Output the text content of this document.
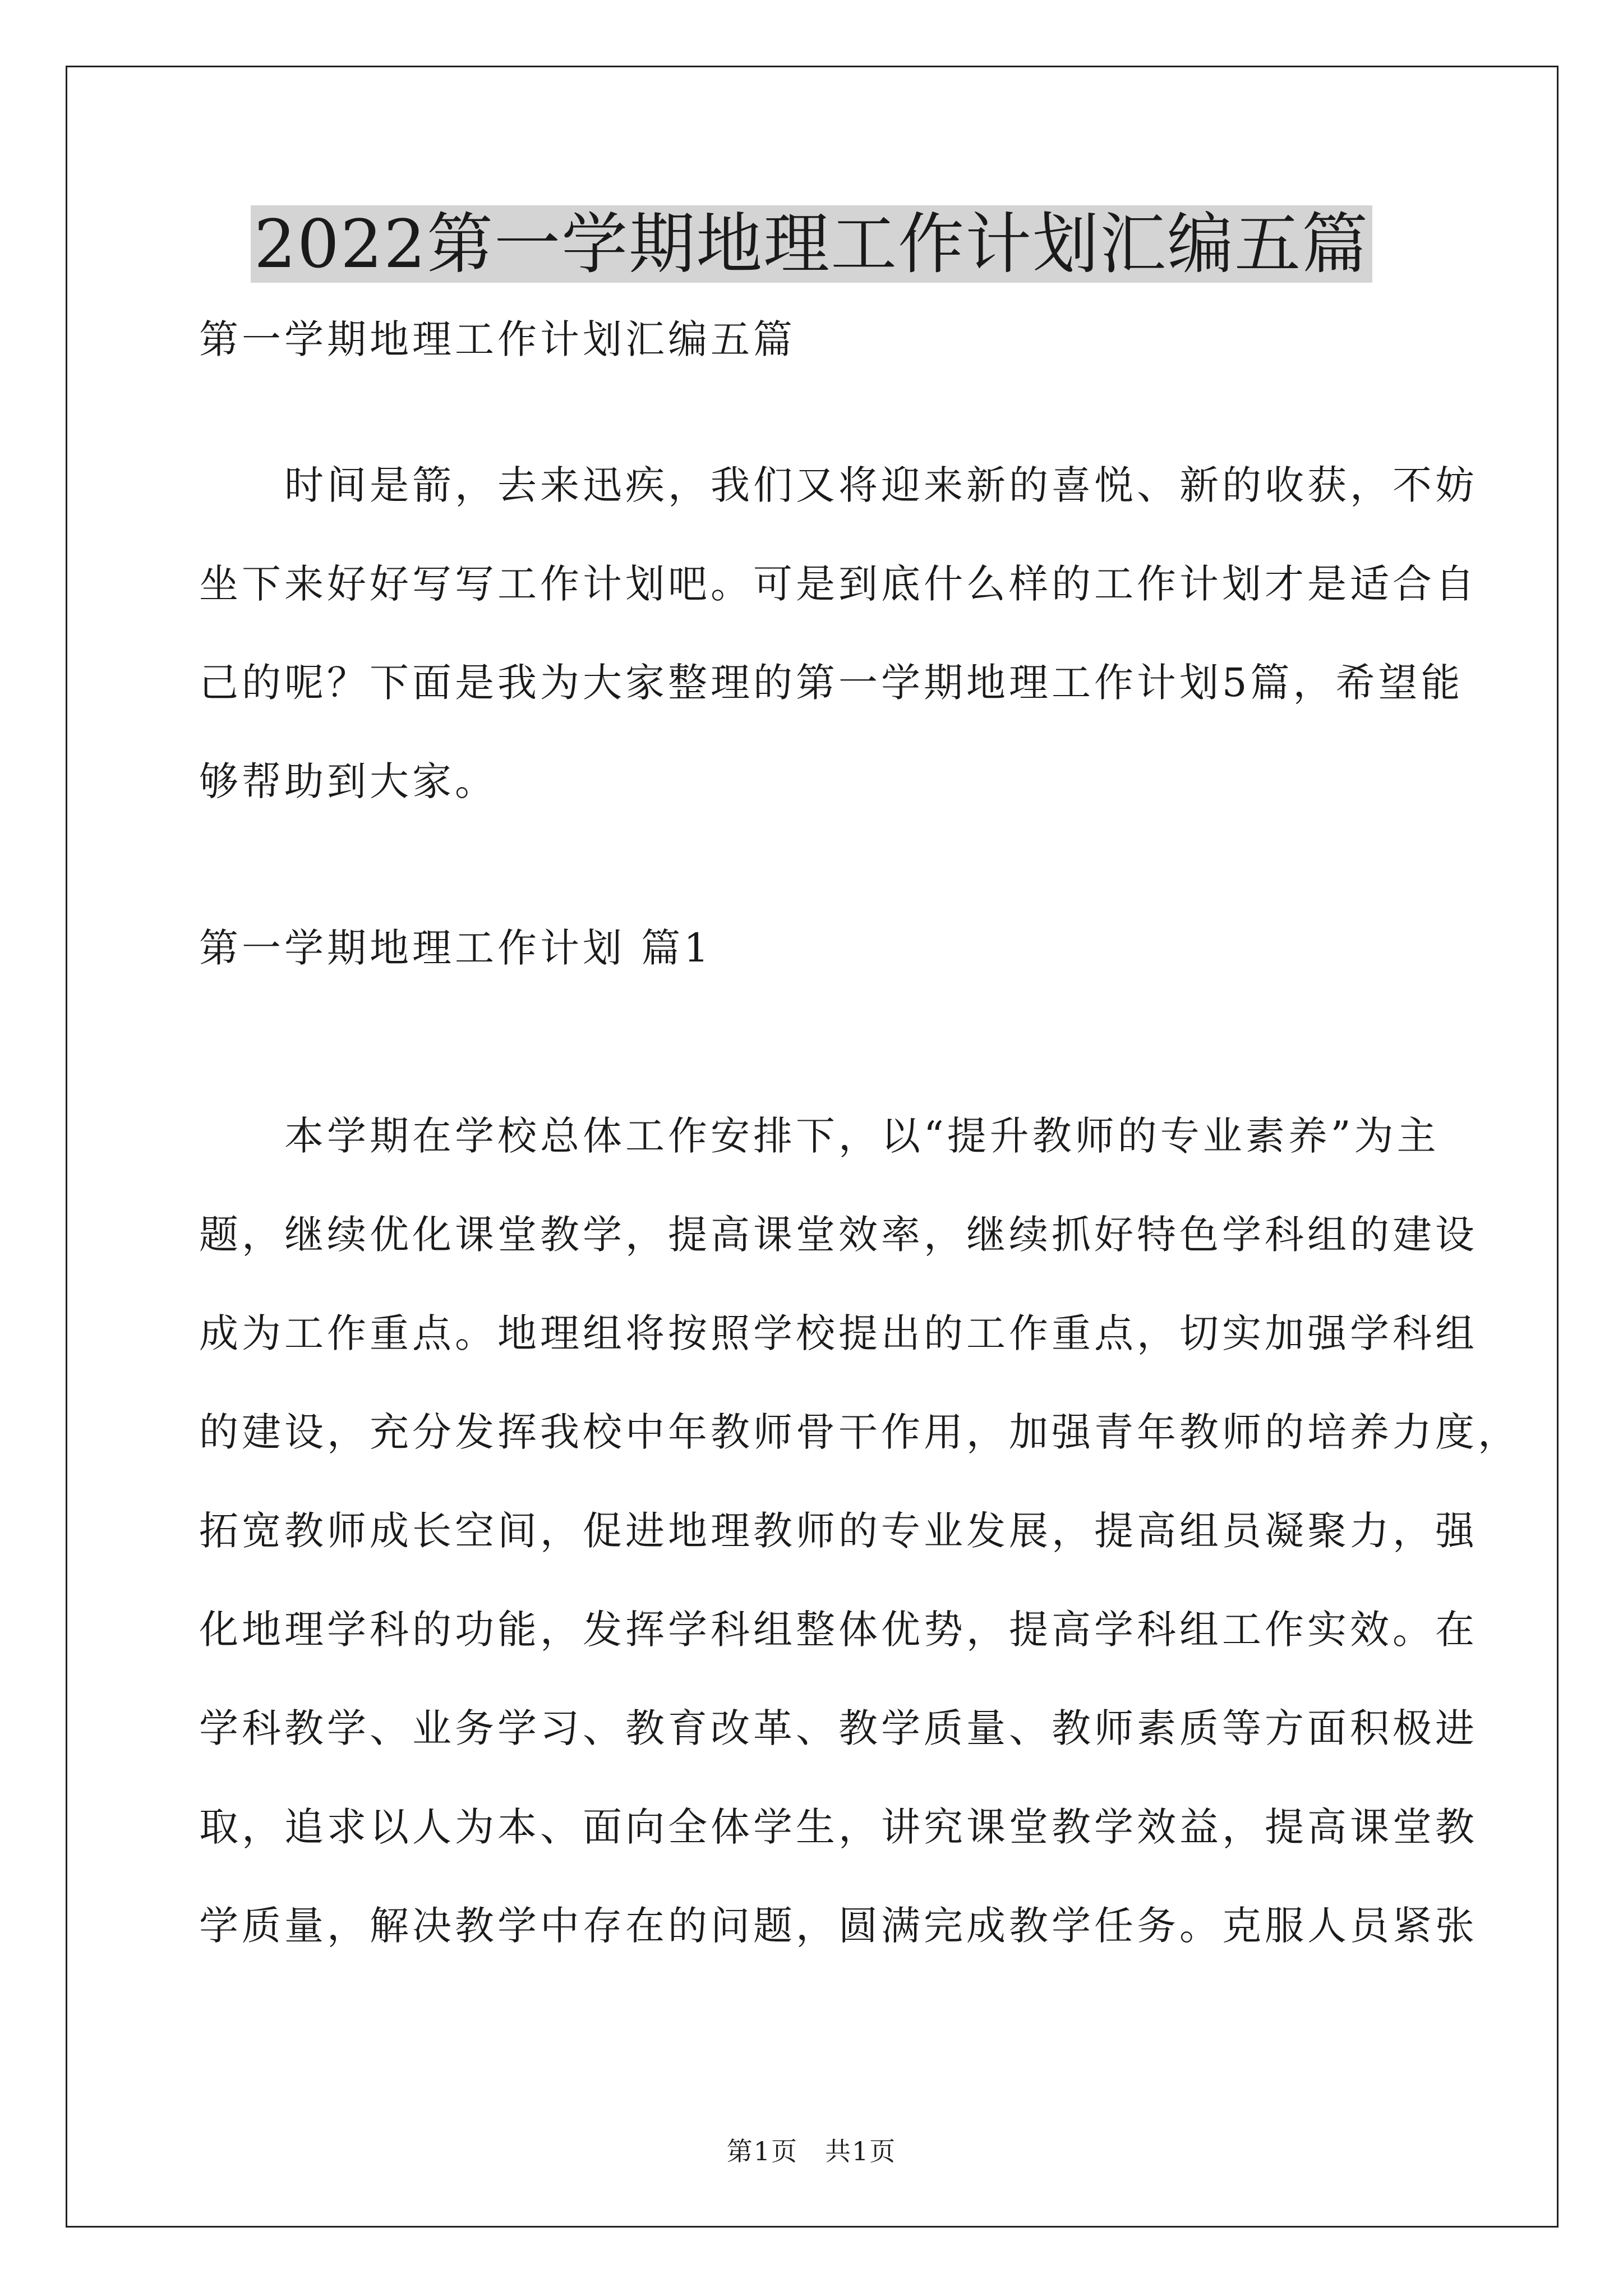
2022第一学期地理工作计划汇编五篇
第一学期地理工作计划汇编五篇
　　时间是箭，去来迅疾，我们又将迎来新的喜悦、新的收获，不妨
坐下来好好写写工作计划吧。可是到底什么样的工作计划才是适合自
己的呢？下面是我为大家整理的第一学期地理工作计划5篇，希望能
够帮助到大家。
第一学期地理工作计划 篇1
　　本学期在学校总体工作安排下，以“提升教师的专业素养”为主
题，继续优化课堂教学，提高课堂效率，继续抓好特色学科组的建设
成为工作重点。地理组将按照学校提出的工作重点，切实加强学科组
的建设，充分发挥我校中年教师骨干作用，加强青年教师的培养力度，
拓宽教师成长空间，促进地理教师的专业发展，提高组员凝聚力，强
化地理学科的功能，发挥学科组整体优势，提高学科组工作实效。在
学科教学、业务学习、教育改革、教学质量、教师素质等方面积极进
取，追求以人为本、面向全体学生，讲究课堂教学效益，提高课堂教
学质量，解决教学中存在的问题，圆满完成教学任务。克服人员紧张
第1页　共1页
